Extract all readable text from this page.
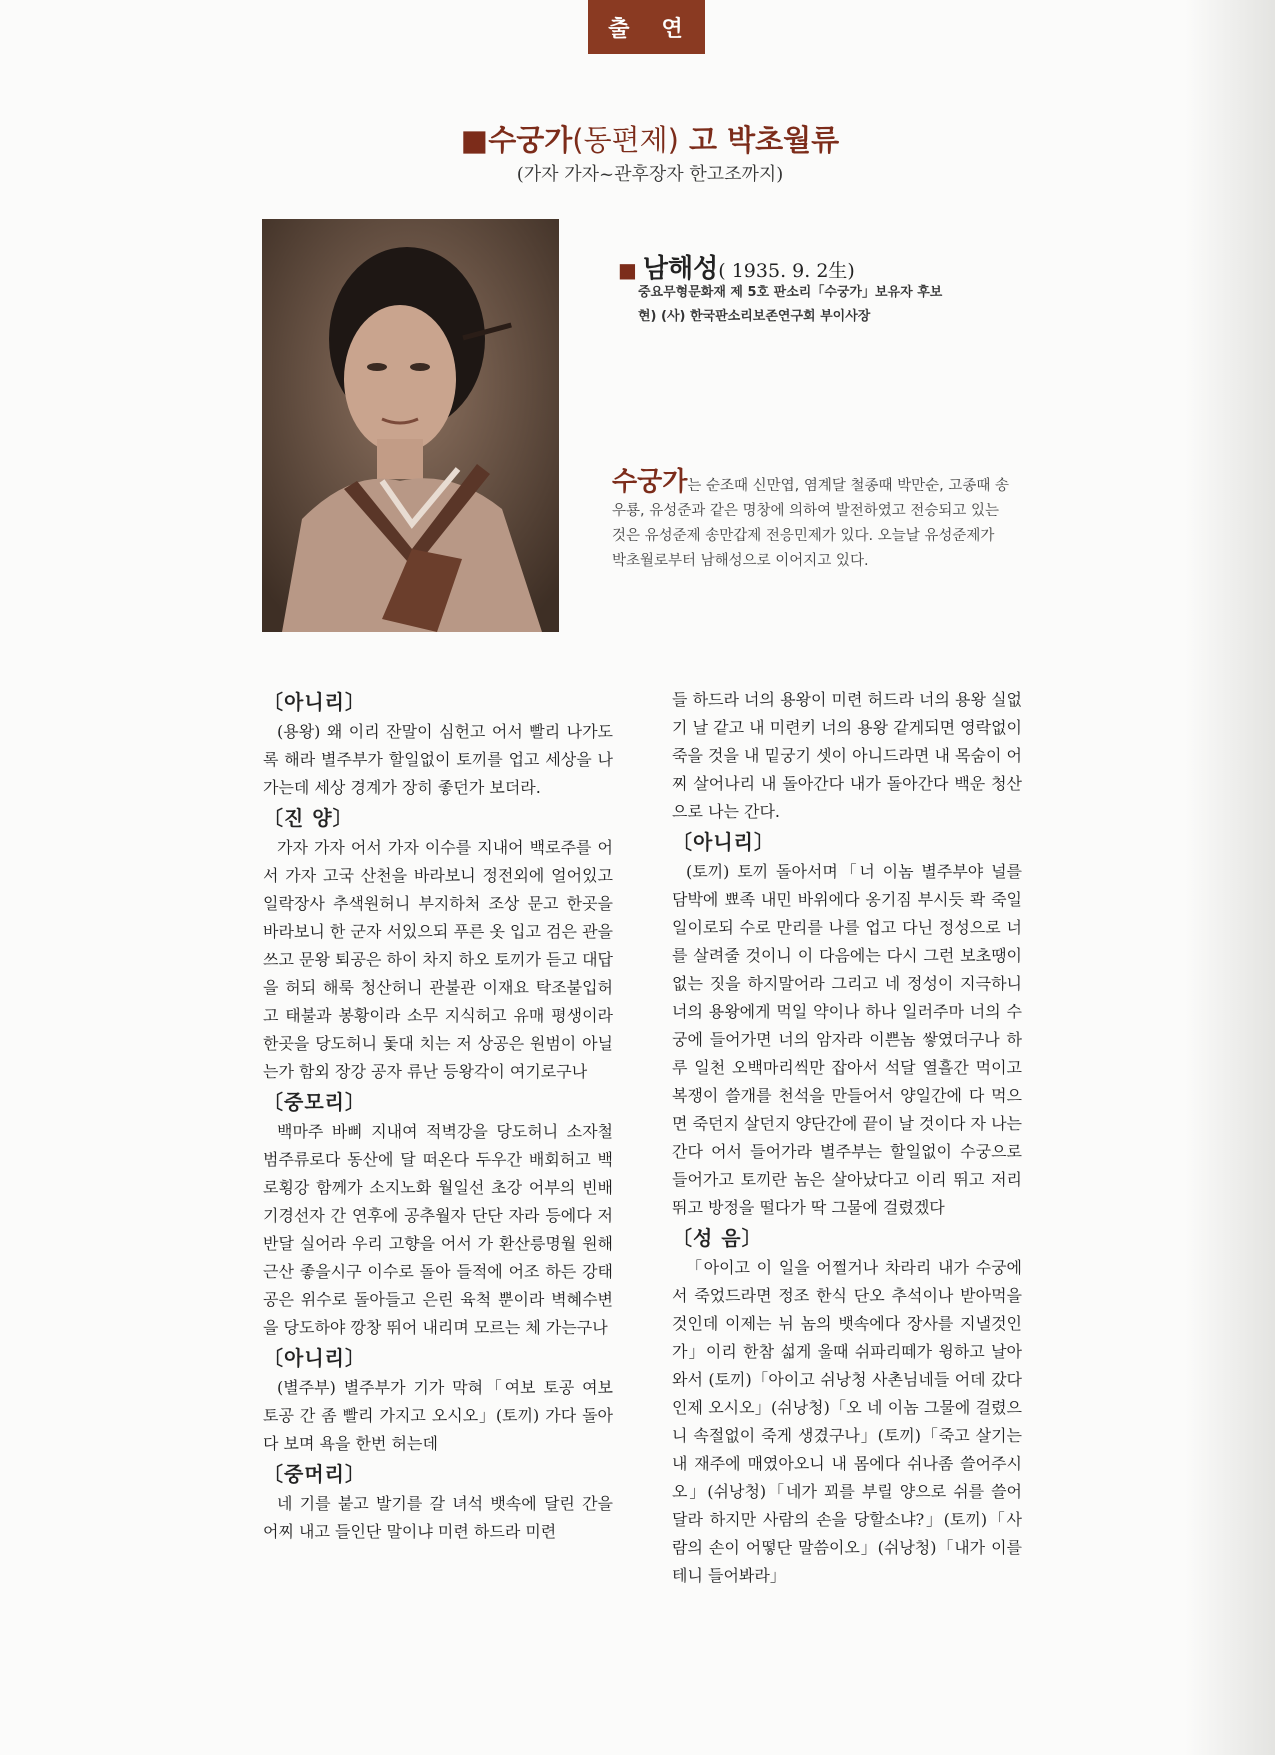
출 연
■수궁가(동편제) 고 박초월류
(가자 가자~관후장자 한고조까지)
■ 남해성( 1935. 9. 2生)
중요무형문화재 제 5호 판소리「수궁가」보유자 후보
현) (사) 한국판소리보존연구회 부이사장
수궁가는 순조때 신만엽, 염계달 철종때 박만순, 고종때 송우룡, 유성준과 같은 명창에 의하여 발전하였고 전승되고 있는 것은 유성준제 송만갑제 전응민제가 있다. 오늘날 유성준제가 박초월로부터 남해성으로 이어지고 있다.
〔아니리〕

(용왕) 왜 이리 잔말이 심헌고 어서 빨리 나가도록 해라 별주부가 할일없이 토끼를 업고 세상을 나가는데 세상 경계가 장히 좋던가 보더라.

〔진 양〕

가자 가자 어서 가자 이수를 지내어 백로주를 어서 가자 고국 산천을 바라보니 정전외에 얼어있고 일락장사 추색원허니 부지하처 조상 문고 한곳을 바라보니 한 군자 서있으되 푸른 옷 입고 검은 관을 쓰고 문왕 퇴공은 하이 차지 하오 토끼가 듣고 대답을 허되 해룩 청산허니 관불관 이재요 탁조불입허고 태불과 봉황이라 소무 지식허고 유매 평생이라 한곳을 당도허니 돛대 치는 저 상공은 원범이 아닐는가 함외 장강 공자 류난 등왕각이 여기로구나

〔중모리〕

백마주 바삐 지내여 적벽강을 당도허니 소자철 범주류로다 동산에 달 떠온다 두우간 배회허고 백로횡강 함께가 소지노화 월일선 초강 어부의 빈배 기경선자 간 연후에 공추월자 단단 자라 등에다 저 반달 실어라 우리 고향을 어서 가 환산릉명월 원해 근산 좋을시구 이수로 돌아 들적에 어조 하든 강태공은 위수로 돌아들고 은린 육척 뿐이라 벽혜수변을 당도하야 깡창 뛰어 내리며 모르는 체 가는구나

〔아니리〕

(별주부) 별주부가 기가 막혀「여보 토공 여보 토공 간 좀 빨리 가지고 오시오」(토끼) 가다 돌아다 보며 욕을 한번 허는데

〔중머리〕

네 기를 붙고 발기를 갈 녀석 뱃속에 달린 간을 어찌 내고 들인단 말이냐 미련 하드라 미련

들 하드라 너의 용왕이 미련 허드라 너의 용왕 실없기 날 같고 내 미련키 너의 용왕 같게되면 영락없이 죽을 것을 내 밑궁기 셋이 아니드라면 내 목숨이 어찌 살어나리 내 돌아간다 내가 돌아간다 백운 청산으로 나는 간다.

〔아니리〕

(토끼) 토끼 돌아서며「너 이놈 별주부야 널를 담박에 뾰족 내민 바위에다 옹기짐 부시듯 콱 죽일 일이로되 수로 만리를 나를 업고 다닌 정성으로 너를 살려줄 것이니 이 다음에는 다시 그런 보초땡이 없는 짓을 하지말어라 그리고 네 정성이 지극하니 너의 용왕에게 먹일 약이나 하나 일러주마 너의 수궁에 들어가면 너의 암자라 이쁜놈 쌓였더구나 하루 일천 오백마리씩만 잡아서 석달 열흘간 먹이고 복쟁이 쓸개를 천석을 만들어서 양일간에 다 먹으면 죽던지 살던지 양단간에 끝이 날 것이다 자 나는 간다 어서 들어가라 별주부는 할일없이 수궁으로 들어가고 토끼란 놈은 살아났다고 이리 뛰고 저리 뛰고 방정을 떨다가 딱 그물에 걸렸겠다

〔성 음〕

「아이고 이 일을 어쩔거나 차라리 내가 수궁에서 죽었드라면 정조 한식 단오 추석이나 받아먹을 것인데 이제는 뉘 놈의 뱃속에다 장사를 지낼것인가」이리 한참 섧게 울때 쉬파리떼가 윙하고 날아와서 (토끼)「아이고 쉬낭청 사촌님네들 어데 갔다 인제 오시오」(쉬낭청)「오 네 이놈 그물에 걸렸으니 속절없이 죽게 생겼구나」(토끼)「죽고 살기는 내 재주에 매였아오니 내 몸에다 쉬나좀 쓸어주시오」(쉬낭청)「네가 꾀를 부릴 양으로 쉬를 쓸어 달라 하지만 사람의 손을 당할소냐?」(토끼)「사람의 손이 어떻단 말씀이오」(쉬낭청)「내가 이를테니 들어봐라」
